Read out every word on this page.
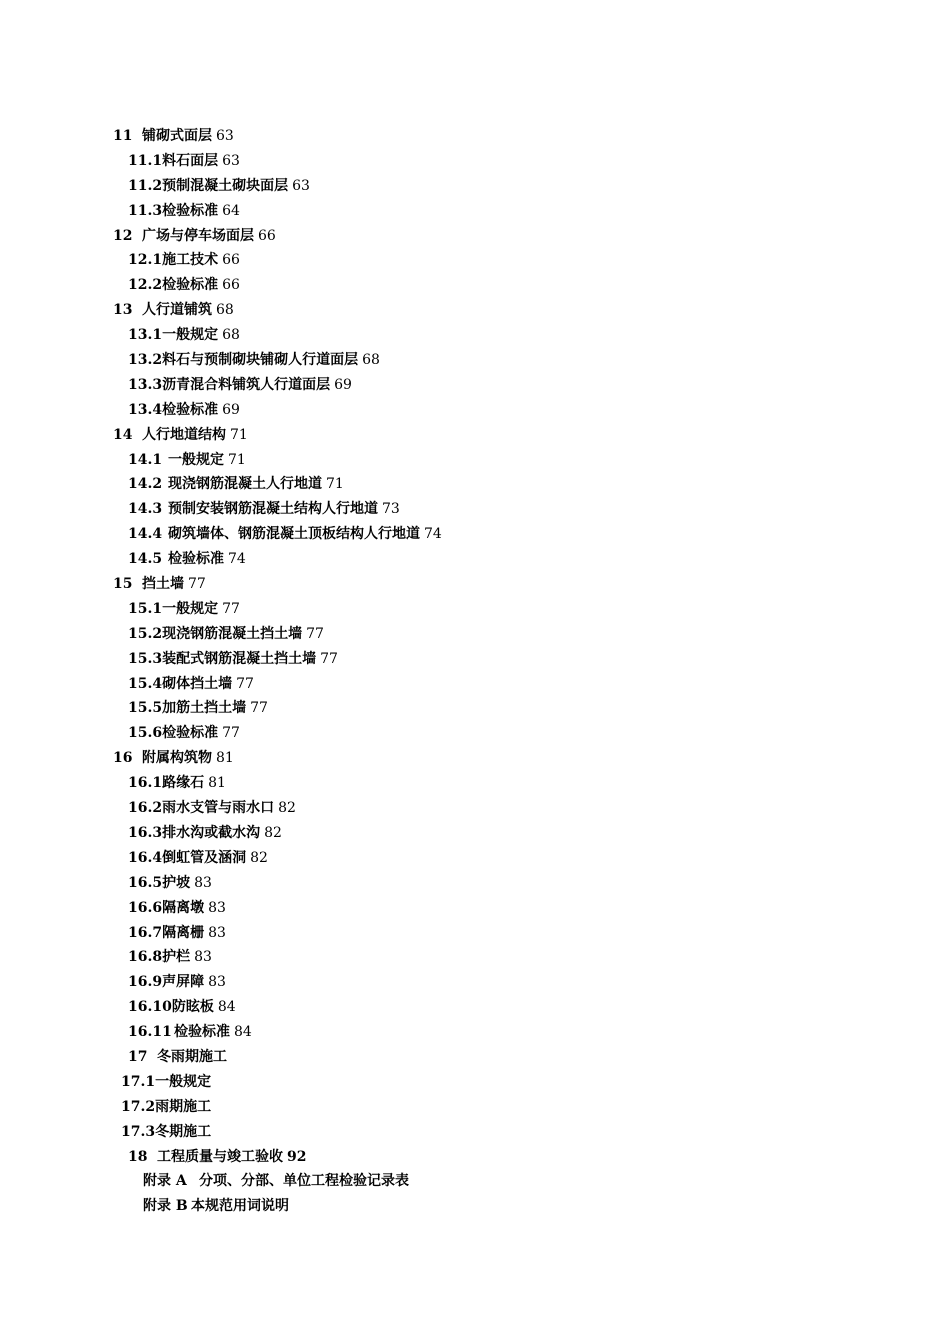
11 铺砌式面层 63
11.1料石面层 63
11.2预制混凝土砌块面层 63
11.3检验标准 64
12 广场与停车场面层 66
12.1施工技术 66
12.2检验标准 66
13 人行道铺筑 68
13.1一般规定 68
13.2料石与预制砌块铺砌人行道面层 68
13.3沥青混合料铺筑人行道面层 69
13.4检验标准 69
14 人行地道结构 71
14.1 一般规定 71
14.2 现浇钢筋混凝土人行地道 71
14.3 预制安装钢筋混凝土结构人行地道 73
14.4 砌筑墙体、钢筋混凝土顶板结构人行地道 74
14.5 检验标准 74
15 挡土墙 77
15.1一般规定 77
15.2现浇钢筋混凝土挡土墙 77
15.3装配式钢筋混凝土挡土墙 77
15.4砌体挡土墙 77
15.5加筋土挡土墙 77
15.6检验标准 77
16 附属构筑物 81
16.1路缘石 81
16.2雨水支管与雨水口 82
16.3排水沟或截水沟 82
16.4倒虹管及涵洞 82
16.5护坡 83
16.6隔离墩 83
16.7隔离栅 83
16.8护栏 83
16.9声屏障 83
16.10防眩板 84
16.11 检验标准 84
17 冬雨期施工
17.1一般规定
17.2雨期施工
17.3冬期施工
18 工程质量与竣工验收 92
附录 A 分项、分部、单位工程检验记录表
附录 B 本规范用词说明
